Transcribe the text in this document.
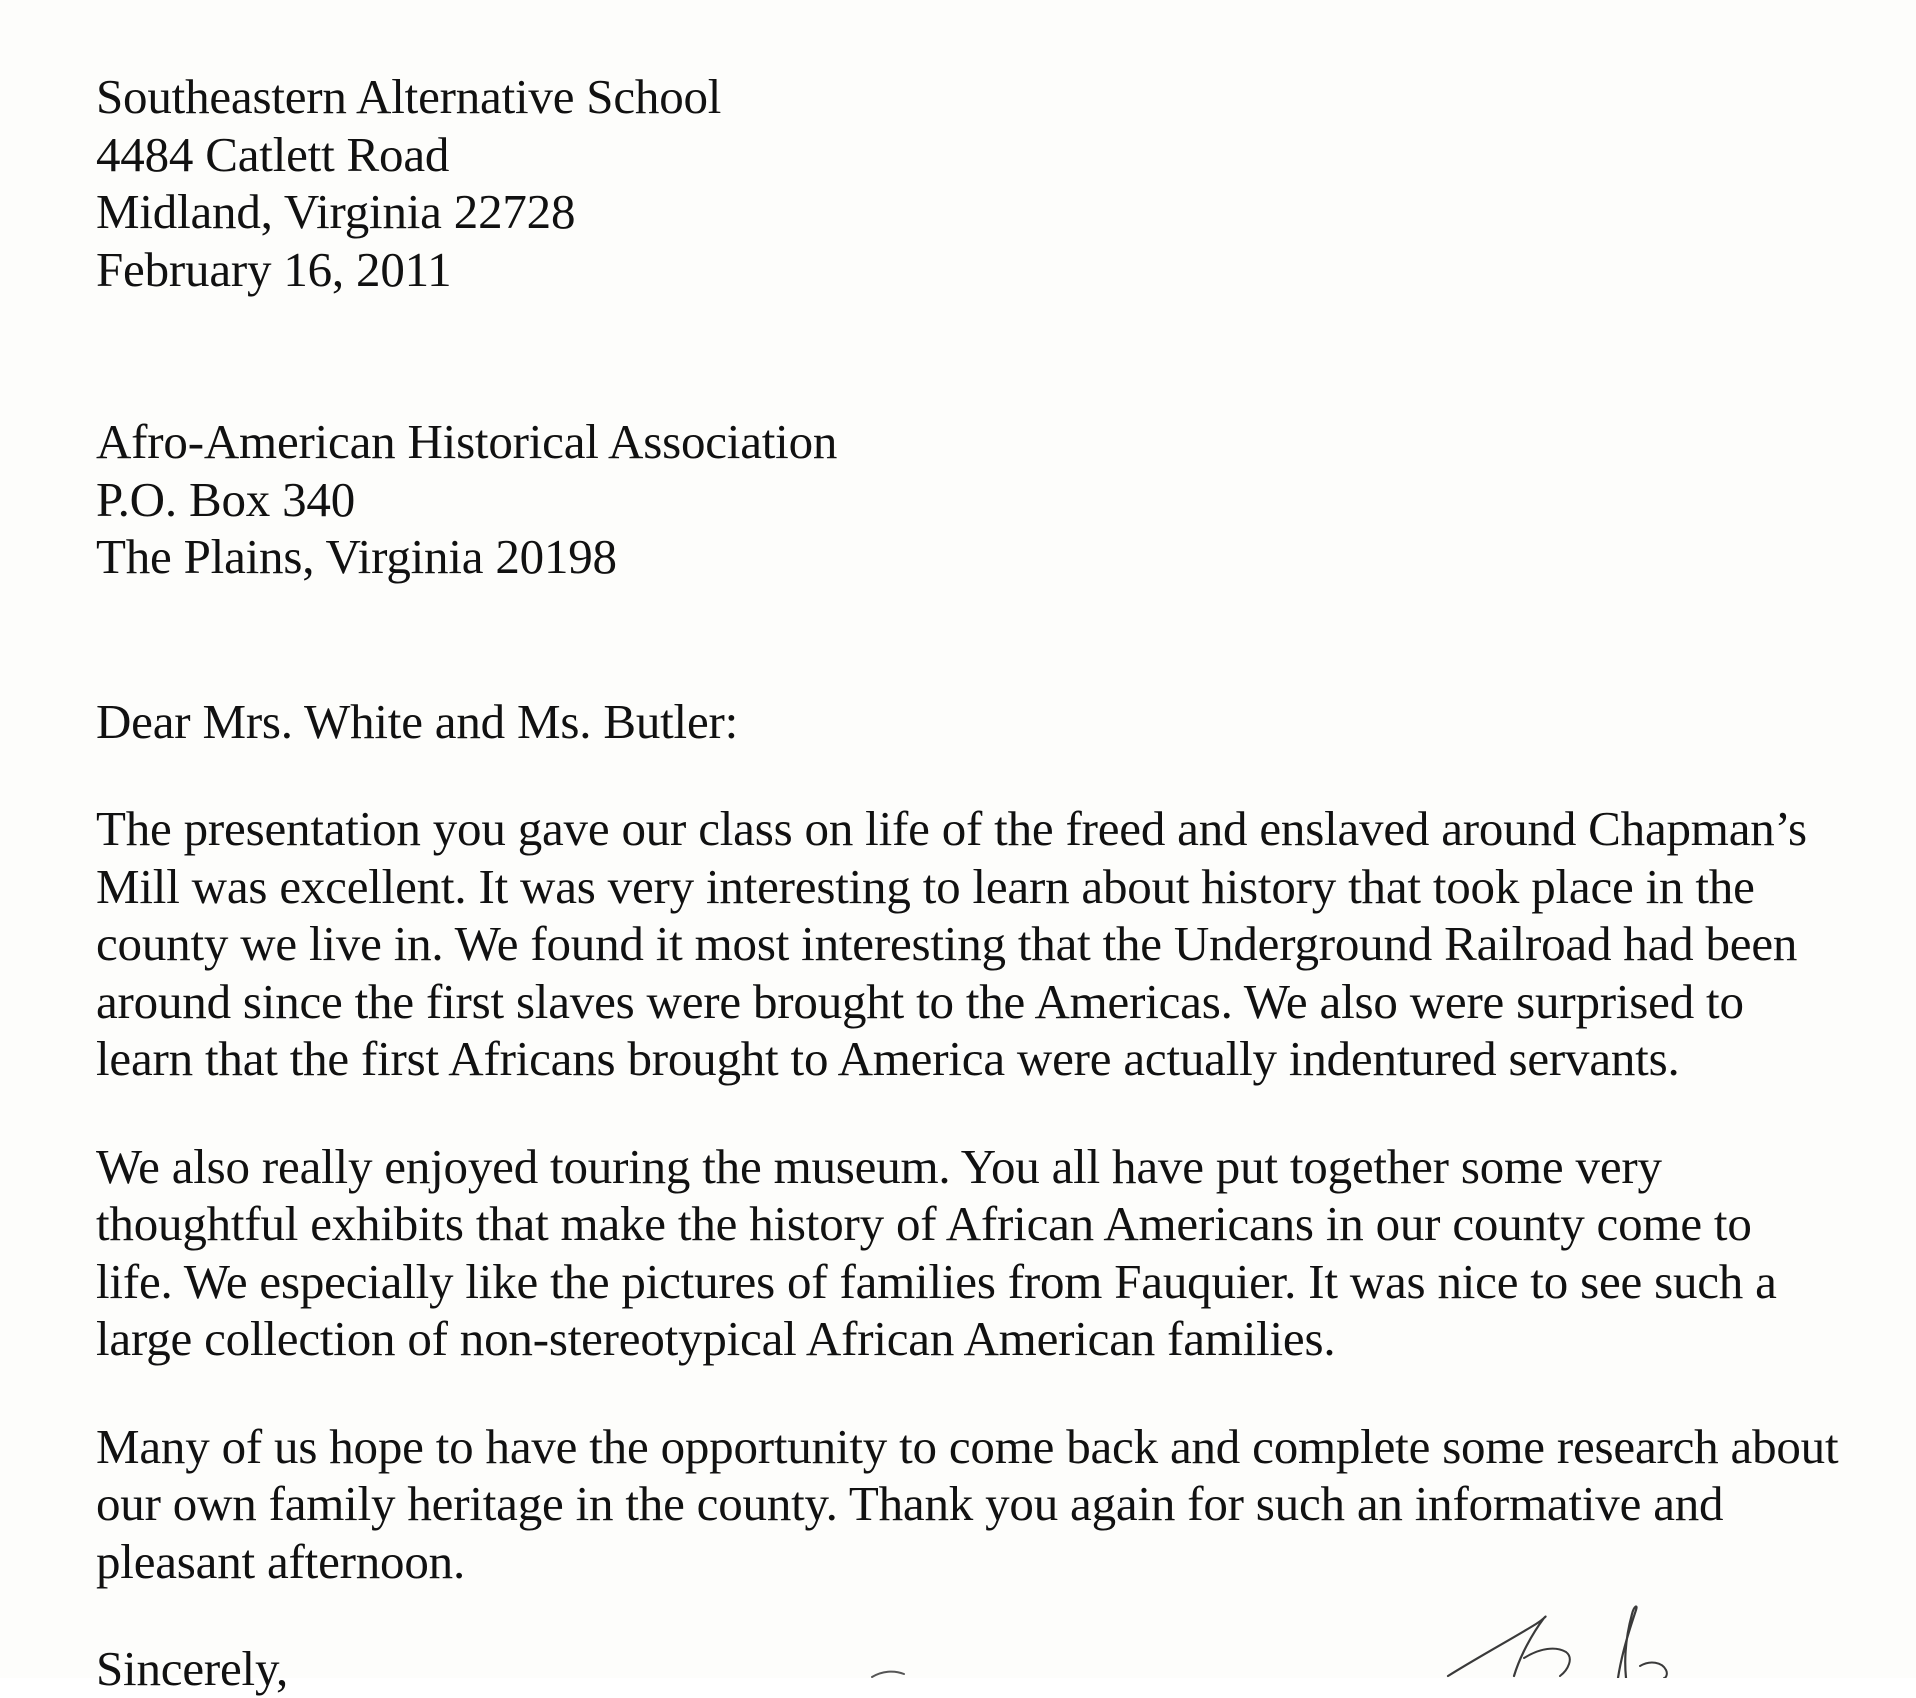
Southeastern Alternative School
4484 Catlett Road
Midland, Virginia 22728
February 16, 2011
Afro-American Historical Association
P.O. Box 340
The Plains, Virginia 20198
Dear Mrs. White and Ms. Butler:
The presentation you gave our class on life of the freed and enslaved around Chapman’s
Mill was excellent. It was very interesting to learn about history that took place in the
county we live in. We found it most interesting that the Underground Railroad had been
around since the first slaves were brought to the Americas. We also were surprised to
learn that the first Africans brought to America were actually indentured servants.
We also really enjoyed touring the museum. You all have put together some very
thoughtful exhibits that make the history of African Americans in our county come to
life. We especially like the pictures of families from Fauquier. It was nice to see such a
large collection of non-stereotypical African American families.
Many of us hope to have the opportunity to come back and complete some research about
our own family heritage in the county. Thank you again for such an informative and
pleasant afternoon.
Sincerely,
